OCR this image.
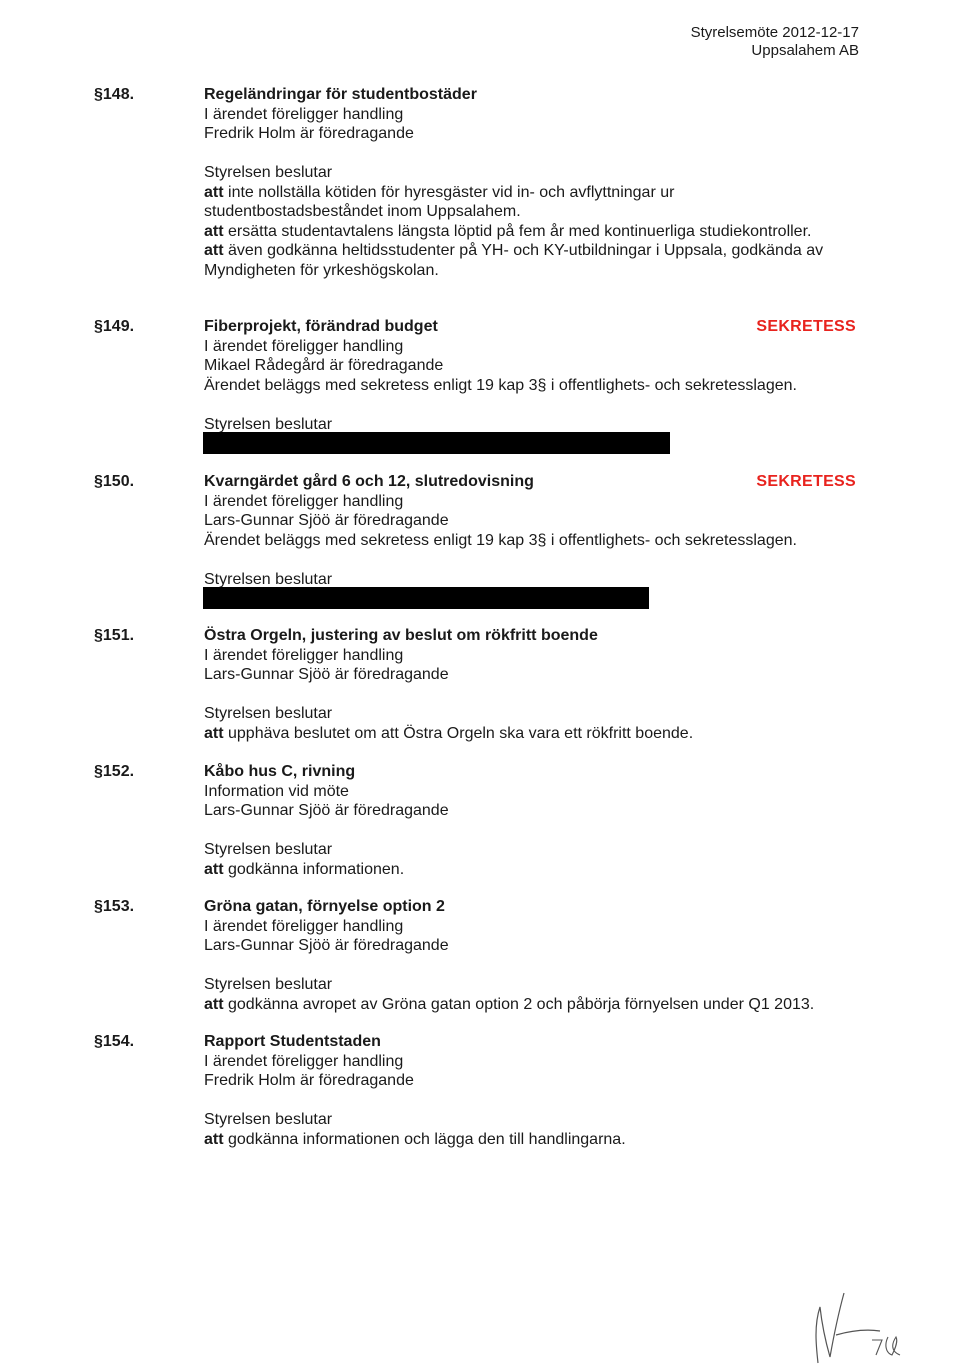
Styrelsemöte 2012-12-17
Uppsalahem AB
§148.	Regeländringar för studentbostäder
I ärendet föreligger handling
Fredrik Holm är föredragande
Styrelsen beslutar
att inte nollställa kötiden för hyresgäster vid in- och avflyttningar ur
studentbostadsbeståndet inom Uppsalahem.
att ersätta studentavtalens längsta löptid på fem år med kontinuerliga studiekontroller.
att även godkänna heltidsstudenter på YH- och KY-utbildningar i Uppsala, godkända av
Myndigheten för yrkeshögskolan.
§149.	SEKRETESS
Fiberprojekt, förändrad budget
I ärendet föreligger handling
Mikael Rådegård är föredragande
Ärendet beläggs med sekretess enligt 19 kap 3§ i offentlighets- och sekretesslagen.
Styrelsen beslutar
§150.	SEKRETESS
Kvarngärdet gård 6 och 12, slutredovisning
I ärendet föreligger handling
Lars-Gunnar Sjöö är föredragande
Ärendet beläggs med sekretess enligt 19 kap 3§ i offentlighets- och sekretesslagen.
Styrelsen beslutar
§151.	Östra Orgeln, justering av beslut om rökfritt boende
I ärendet föreligger handling
Lars-Gunnar Sjöö är föredragande
Styrelsen beslutar
att upphäva beslutet om att Östra Orgeln ska vara ett rökfritt boende.
§152.	Kåbo hus C, rivning
Information vid möte
Lars-Gunnar Sjöö är föredragande
Styrelsen beslutar
att godkänna informationen.
§153.	Gröna gatan, förnyelse option 2
I ärendet föreligger handling
Lars-Gunnar Sjöö är föredragande
Styrelsen beslutar
att godkänna avropet av Gröna gatan option 2 och påbörja förnyelsen under Q1 2013.
§154.	Rapport Studentstaden
I ärendet föreligger handling
Fredrik Holm är föredragande
Styrelsen beslutar
att godkänna informationen och lägga den till handlingarna.
